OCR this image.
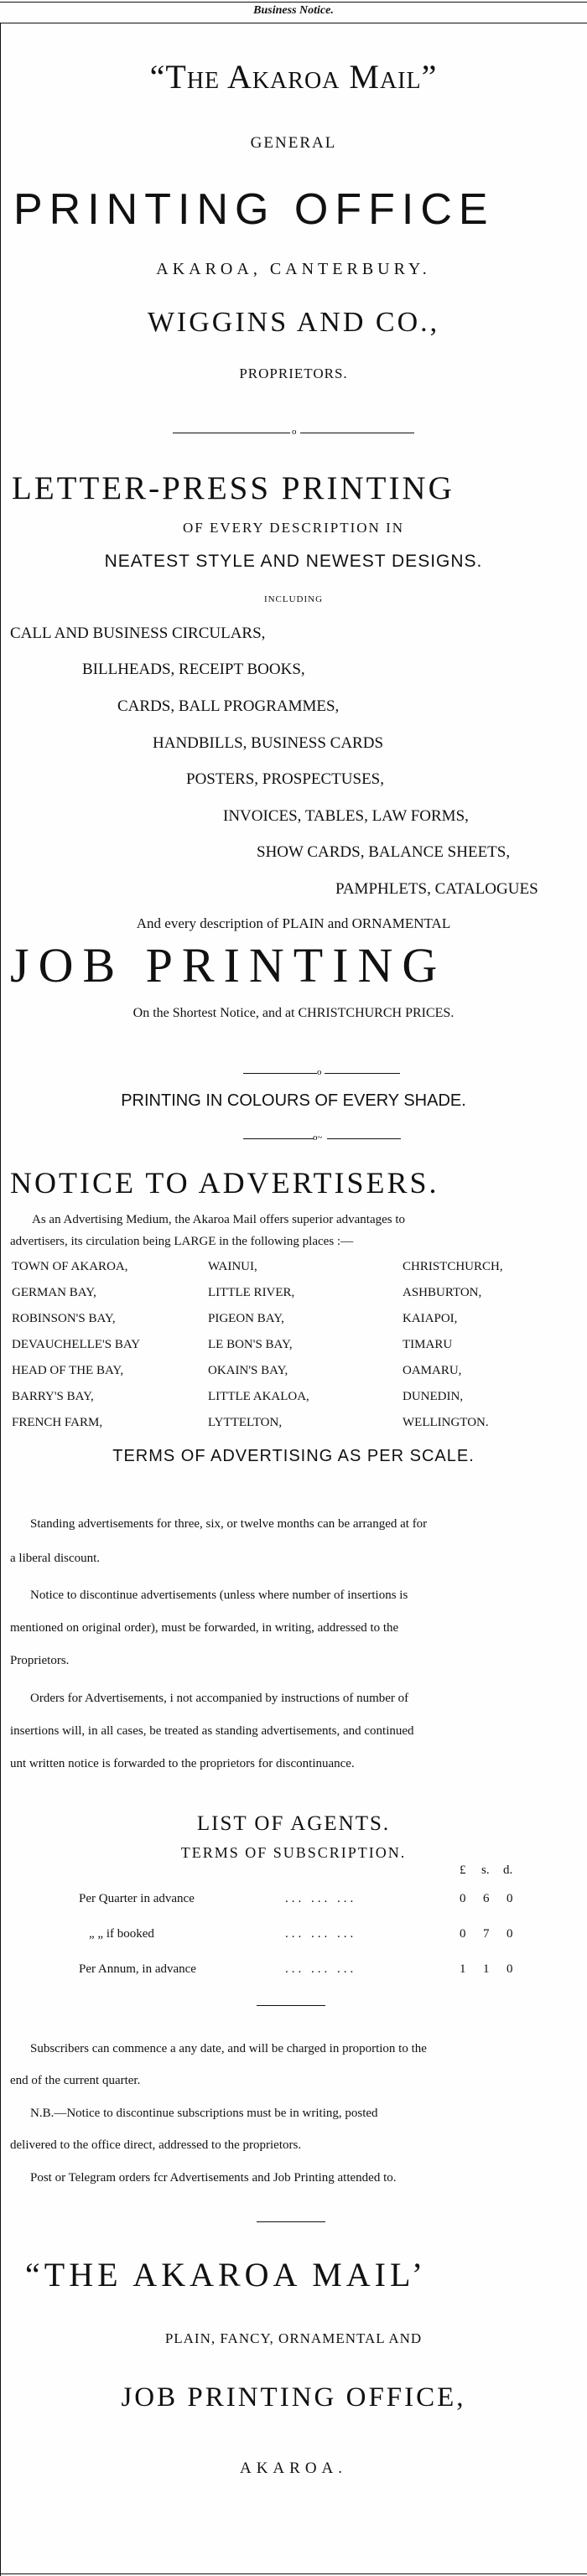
Business Notice.
“The Akaroa Mail”
GENERAL
PRINTING OFFICE
AKAROA, CANTERBURY.
WIGGINS AND CO.,
PROPRIETORS.
o
LETTER-PRESS PRINTING
OF EVERY DESCRIPTION IN
NEATEST STYLE AND NEWEST DESIGNS.
INCLUDING
CALL AND BUSINESS CIRCULARS,
BILLHEADS, RECEIPT BOOKS,
CARDS, BALL PROGRAMMES,
HANDBILLS, BUSINESS CARDS
POSTERS, PROSPECTUSES,
INVOICES, TABLES, LAW FORMS,
SHOW CARDS, BALANCE SHEETS,
PAMPHLETS, CATALOGUES
And every description of PLAIN and ORNAMENTAL
JOB PRINTING
On the Shortest Notice, and at CHRISTCHURCH PRICES.
o
PRINTING IN COLOURS OF EVERY SHADE.
o~
NOTICE TO ADVERTISERS.
As an Advertising Medium, the Akaroa Mail offers superior advantages to
advertisers, its circulation being LARGE in the following places :—
TOWN OF AKAROA,	WAINUI,	CHRISTCHURCH,
GERMAN BAY,	LITTLE RIVER,	ASHBURTON,
ROBINSON'S BAY,	PIGEON BAY,	KAIAPOI,
DEVAUCHELLE'S BAY	LE BON'S BAY,	TIMARU
HEAD OF THE BAY,	OKAIN'S BAY,	OAMARU,
BARRY'S BAY,	LITTLE AKALOA,	DUNEDIN,
FRENCH FARM,	LYTTELTON,	WELLINGTON.
TERMS OF ADVERTISING AS PER SCALE.
Standing advertisements for three, six, or twelve months can be arranged at for
a liberal discount.
Notice to discontinue advertisements (unless where number of insertions is
mentioned on original order), must be forwarded, in writing, addressed to the
Proprietors.
Orders for Advertisements, i not accompanied by instructions of number of
insertions will, in all cases, be treated as standing advertisements, and continued
unt written notice is forwarded to the proprietors for discontinuance.
LIST OF AGENTS.
TERMS OF SUBSCRIPTION.
£ s. d.
Per Quarter in advance	... ... ...	0 6 0
„ „ if booked	... ... ...	0 7 0
Per Annum, in advance	... ... ...	1 1 0
Subscribers can commence a any date, and will be charged in proportion to the
end of the current quarter.
N.B.—Notice to discontinue subscriptions must be in writing, posted
delivered to the office direct, addressed to the proprietors.
Post or Telegram orders fcr Advertisements and Job Printing attended to.
“THE AKAROA MAIL’
PLAIN, FANCY, ORNAMENTAL AND
JOB PRINTING OFFICE,
AKAROA.
